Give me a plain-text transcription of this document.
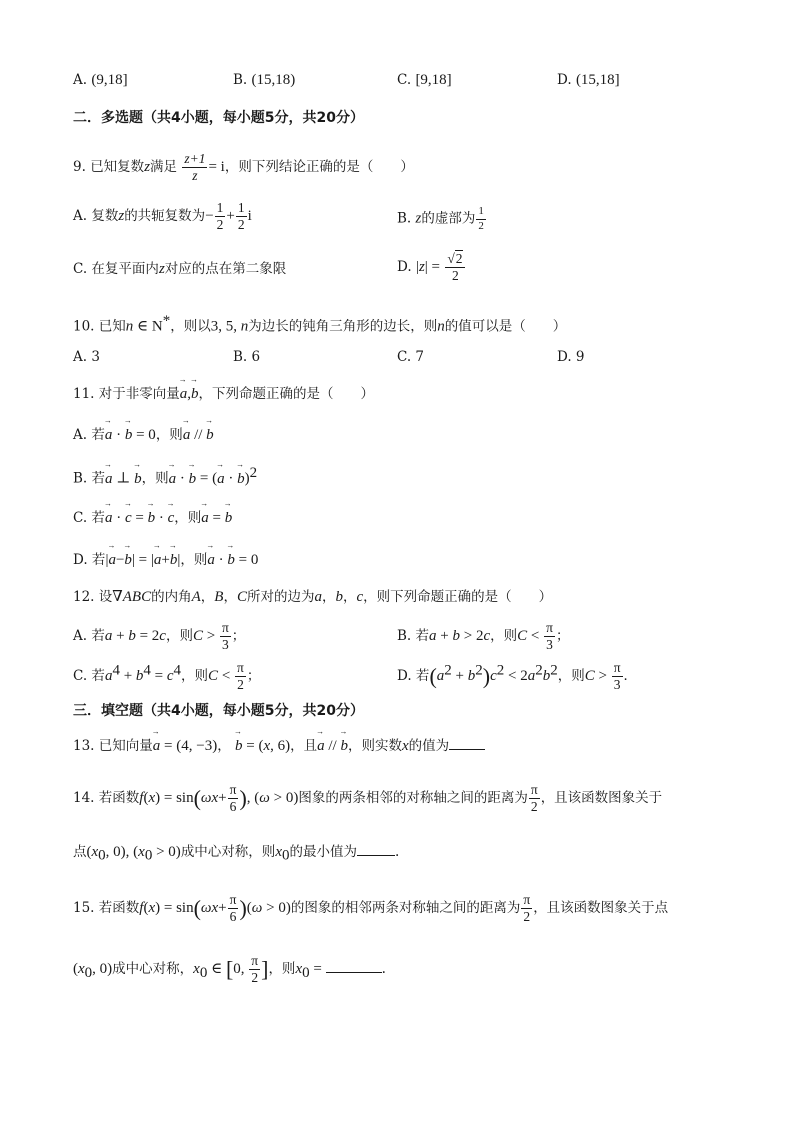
A. (9,18]	B. (15,18)	C. [9,18]	D. (15,18]
二．多选题（共4小题，每小题5分，共20分）
9. 已知复数z满足 $\frac{z+1}{z} = i$，则下列结论正确的是（　　）
A. 复数z的共轭复数为− $\frac{1}{2} + \frac{1}{2}$ i	B. z的虚部为 $\frac{1}{2}$
C. 在复平面内z对应的点在第二象限	D. $|z| = \frac{√2}{2}$
10. 已知n ∈ N*，则以3, 5, n为边长的钝角三角形的边长，则n的值可以是（　　）
A. 3	B. 6	C. 7	D. 9
11. 对于非零向量→ a,→ b，下列命题正确的是（　　）
A. 若→ a · → b = 0，则→ a // → b
B. 若→ a ⊥ → b，则→ a · → b = (→ a · → b)$^2$
C. 若→ a · → c = → b · → c，则→ a = → b
D. 若|→ a−→ b| = |→ a+→ b|，则→ a · → b = 0
12. 设∇ABC的内角A，B，C所对的边为a，b，c，则下列命题正确的是（　　）
A. 若a + b = 2c，则$C > \frac{\pi}{3}$ ；	B. 若a + b > 2c，则$C < \frac{\pi}{3}$ ；
C. 若$a^4 + b^4 = c^4$，则$C < \frac{\pi}{2}$ ；	D. 若$(a^2 + b^2)c^2 < 2a^2b^2$，则$C > \frac{\pi}{3}$ ．
三．填空题（共4小题，每小题5分，共20分）
13. 已知向量→ a = (4, −3)， → b = (x, 6)，且→ a // → b，则实数x的值为
14. 若函数$f(x) = \sin(\omega x+ \frac{\pi}{6}$ ), (ω > 0)图象的两条相邻的对称轴之间的距离为 $\frac{\pi}{2}$ ，且该函数图象关于
点($x_0$, 0), $(x_0 > 0)$成中心对称，则$x_0$的最小值为	.
15. 若函数$f(x) = \sin(\omega x+ \frac{\pi}{6} )(\omega > 0)$的图象的相邻两条对称轴之间的距离为 $\frac{\pi}{2}$ ，且该函数图象关于点
($x_0$, 0)成中心对称，$x_0$ ∈ [0, $\frac{\pi}{2}$ ]，则$x_0$ =	.
